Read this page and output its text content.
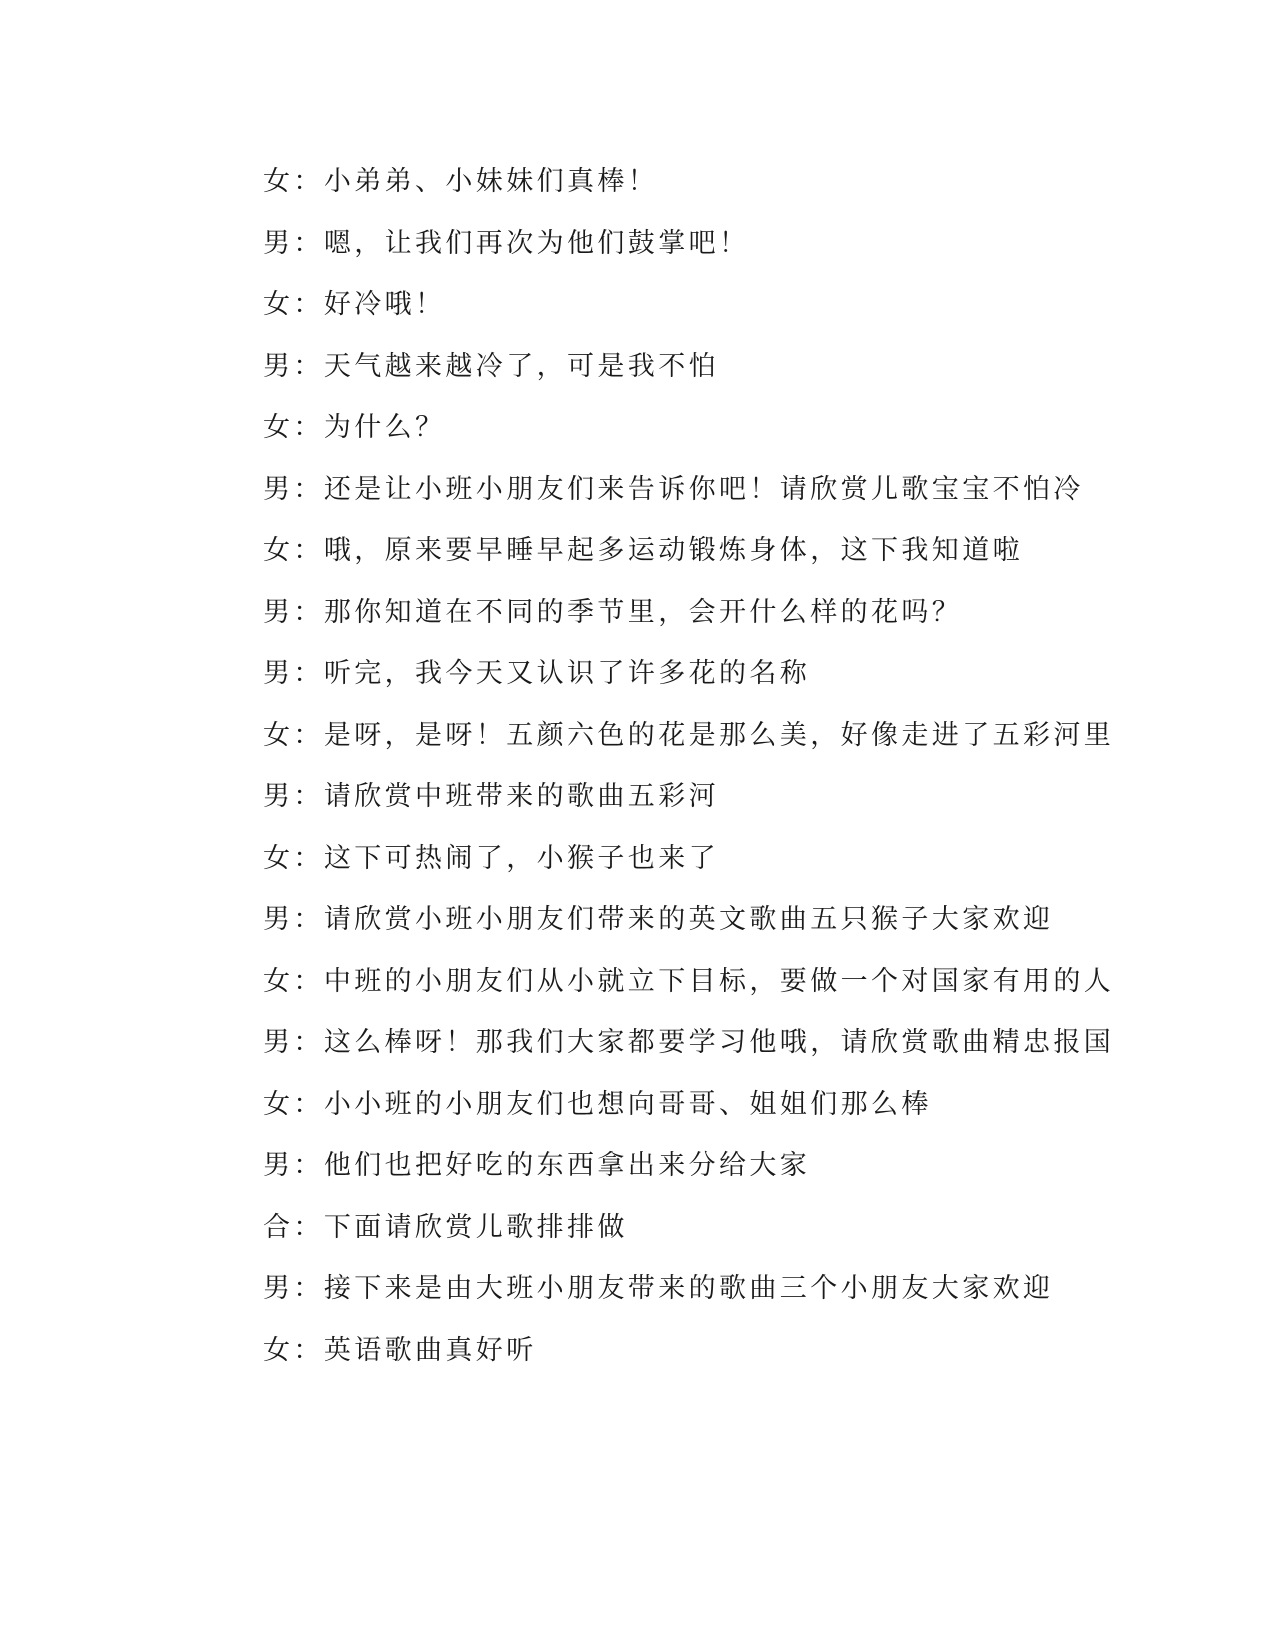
女 ： 小弟弟、小妹妹们真棒！
男 ： 嗯，让我们再次为他们鼓掌吧！
女 ： 好冷哦！
男 ： 天气越来越冷了，可是我不怕
女 ： 为什么？
男 ： 还是让小班小朋友们来告诉你吧！请欣赏儿歌宝宝不怕冷
女 ： 哦，原来要早睡早起多运动锻炼身体，这下我知道啦
男 ： 那你知道在不同的季节里，会开什么样的花吗？
男 ： 听完，我今天又认识了许多花的名称
女 ： 是呀，是呀！五颜六色的花是那么美，好像走进了五彩河里
男 ： 请欣赏中班带来的歌曲五彩河
女 ： 这下可热闹了，小猴子也来了
男 ： 请欣赏小班小朋友们带来的英文歌曲五只猴子大家欢迎
女 ： 中班的小朋友们从小就立下目标，要做一个对国家有用的人
男 ： 这么棒呀！那我们大家都要学习他哦，请欣赏歌曲精忠报国
女 ： 小小班的小朋友们也想向哥哥、姐姐们那么棒
男 ： 他们也把好吃的东西拿出来分给大家
合 ： 下面请欣赏儿歌排排做
男 ： 接下来是由大班小朋友带来的歌曲三个小朋友大家欢迎
女 ： 英语歌曲真好听
